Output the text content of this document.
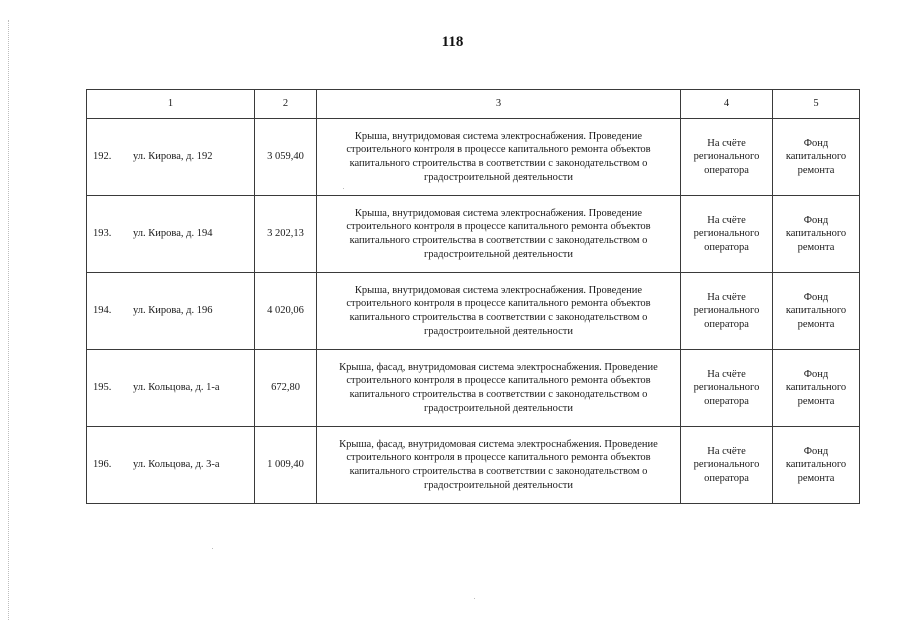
118
1	2	3	4	5
192. ул. Кирова, д. 192	3 059,40	Крыша, внутридомовая система электроснабжения. Проведение строительного контроля в процессе капитального ремонта объектов капитального строительства в соответствии с законодательством о градостроительной деятельности	На счёте регионального оператора	Фонд капитального ремонта
193. ул. Кирова, д. 194	3 202,13	Крыша, внутридомовая система электроснабжения. Проведение строительного контроля в процессе капитального ремонта объектов капитального строительства в соответствии с законодательством о градостроительной деятельности	На счёте регионального оператора	Фонд капитального ремонта
194. ул. Кирова, д. 196	4 020,06	Крыша, внутридомовая система электроснабжения. Проведение строительного контроля в процессе капитального ремонта объектов капитального строительства в соответствии с законодательством о градостроительной деятельности	На счёте регионального оператора	Фонд капитального ремонта
195. ул. Кольцова, д. 1-а	672,80	Крыша, фасад, внутридомовая система электроснабжения. Проведение строительного контроля в процессе капитального ремонта объектов капитального строительства в соответствии с законодательством о градостроительной деятельности	На счёте регионального оператора	Фонд капитального ремонта
196. ул. Кольцова, д. 3-а	1 009,40	Крыша, фасад, внутридомовая система электроснабжения. Проведение строительного контроля в процессе капитального ремонта объектов капитального строительства в соответствии с законодательством о градостроительной деятельности	На счёте регионального оператора	Фонд капитального ремонта
